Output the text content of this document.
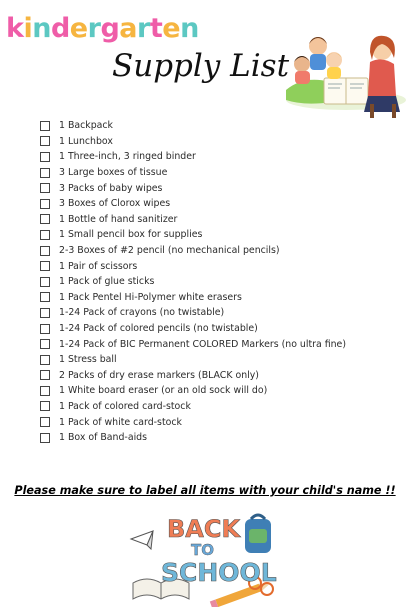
kindergarten
Supply List
1 Backpack
1 Lunchbox
1 Three-inch, 3 ringed binder
3 Large boxes of tissue
3 Packs of baby wipes
3 Boxes of Clorox wipes
1 Bottle of hand sanitizer
1 Small pencil box for supplies
2-3 Boxes of #2 pencil (no mechanical pencils)
1 Pair of scissors
1 Pack of glue sticks
1 Pack Pentel Hi-Polymer white erasers
1-24 Pack of crayons (no twistable)
1-24 Pack of colored pencils (no twistable)
1-24 Pack of BIC Permanent COLORED Markers (no ultra fine)
1 Stress ball
2 Packs of dry erase markers (BLACK only)
1 White board eraser (or an old sock will do)
1 Pack of colored card-stock
1 Pack of white card-stock
1 Box of Band-aids

Please make sure to label all items with your child's name !!

BACK
TO
SCHOOL
